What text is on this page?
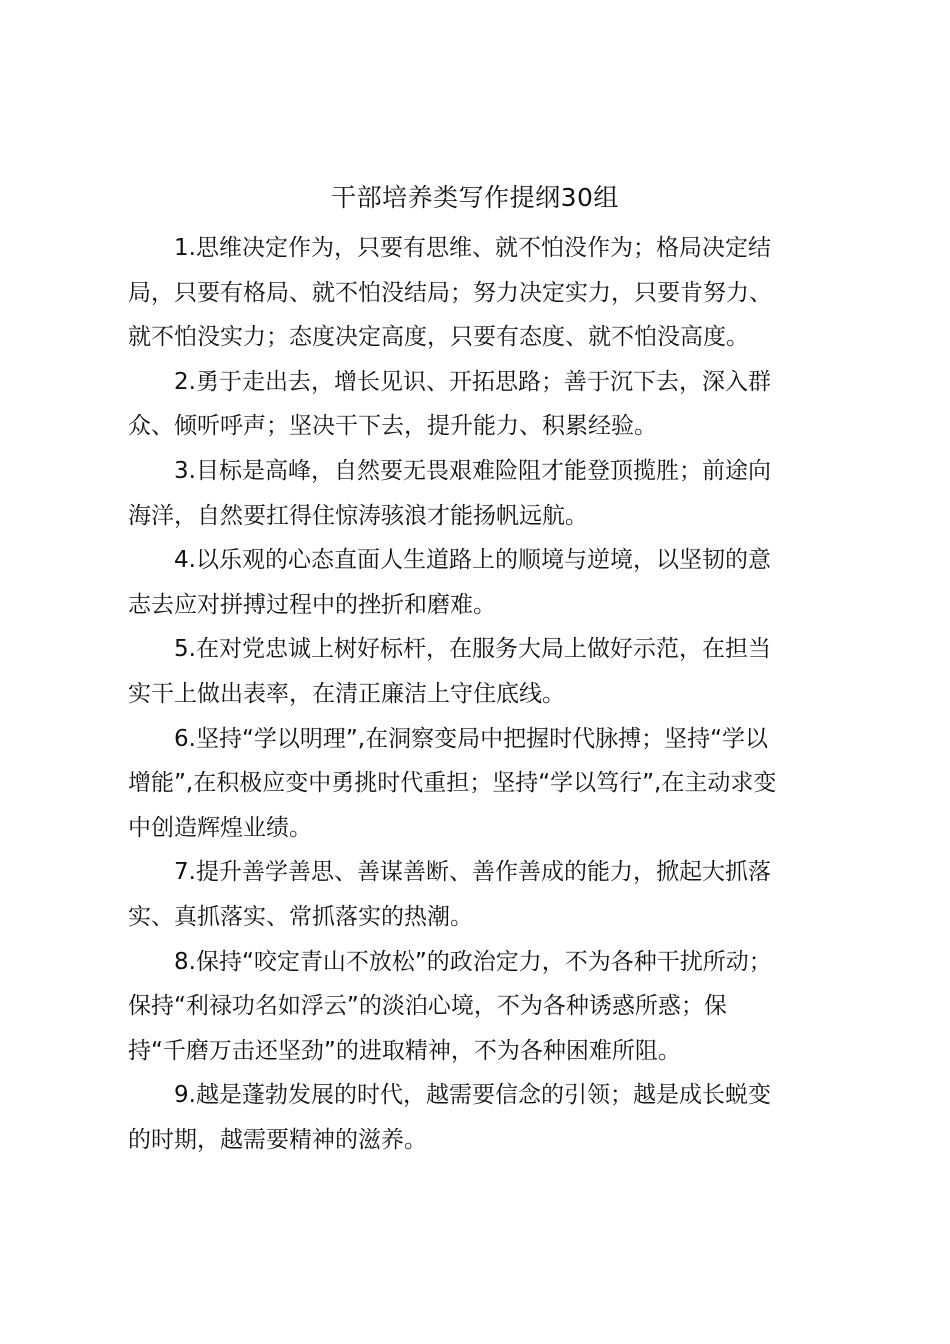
干部培养类写作提纲30组

1.思维决定作为，只要有思维、就不怕没作为；格局决定结
局，只要有格局、就不怕没结局；努力决定实力，只要肯努力、
就不怕没实力；态度决定高度，只要有态度、就不怕没高度。

2.勇于走出去，增长见识、开拓思路；善于沉下去，深入群
众、倾听呼声；坚决干下去，提升能力、积累经验。

3.目标是高峰，自然要无畏艰难险阻才能登顶揽胜；前途向
海洋，自然要扛得住惊涛骇浪才能扬帆远航。

4.以乐观的心态直面人生道路上的顺境与逆境，以坚韧的意
志去应对拼搏过程中的挫折和磨难。

5.在对党忠诚上树好标杆，在服务大局上做好示范，在担当
实干上做出表率，在清正廉洁上守住底线。

6.坚持“学以明理”,在洞察变局中把握时代脉搏；坚持“学以
增能”,在积极应变中勇挑时代重担；坚持“学以笃行”,在主动求变
中创造辉煌业绩。

7.提升善学善思、善谋善断、善作善成的能力，掀起大抓落
实、真抓落实、常抓落实的热潮。

8.保持“咬定青山不放松”的政治定力，不为各种干扰所动；
保持“利禄功名如浮云”的淡泊心境，不为各种诱惑所惑；保
持“千磨万击还坚劲”的进取精神，不为各种困难所阻。

9.越是蓬勃发展的时代，越需要信念的引领；越是成长蜕变
的时期，越需要精神的滋养。
